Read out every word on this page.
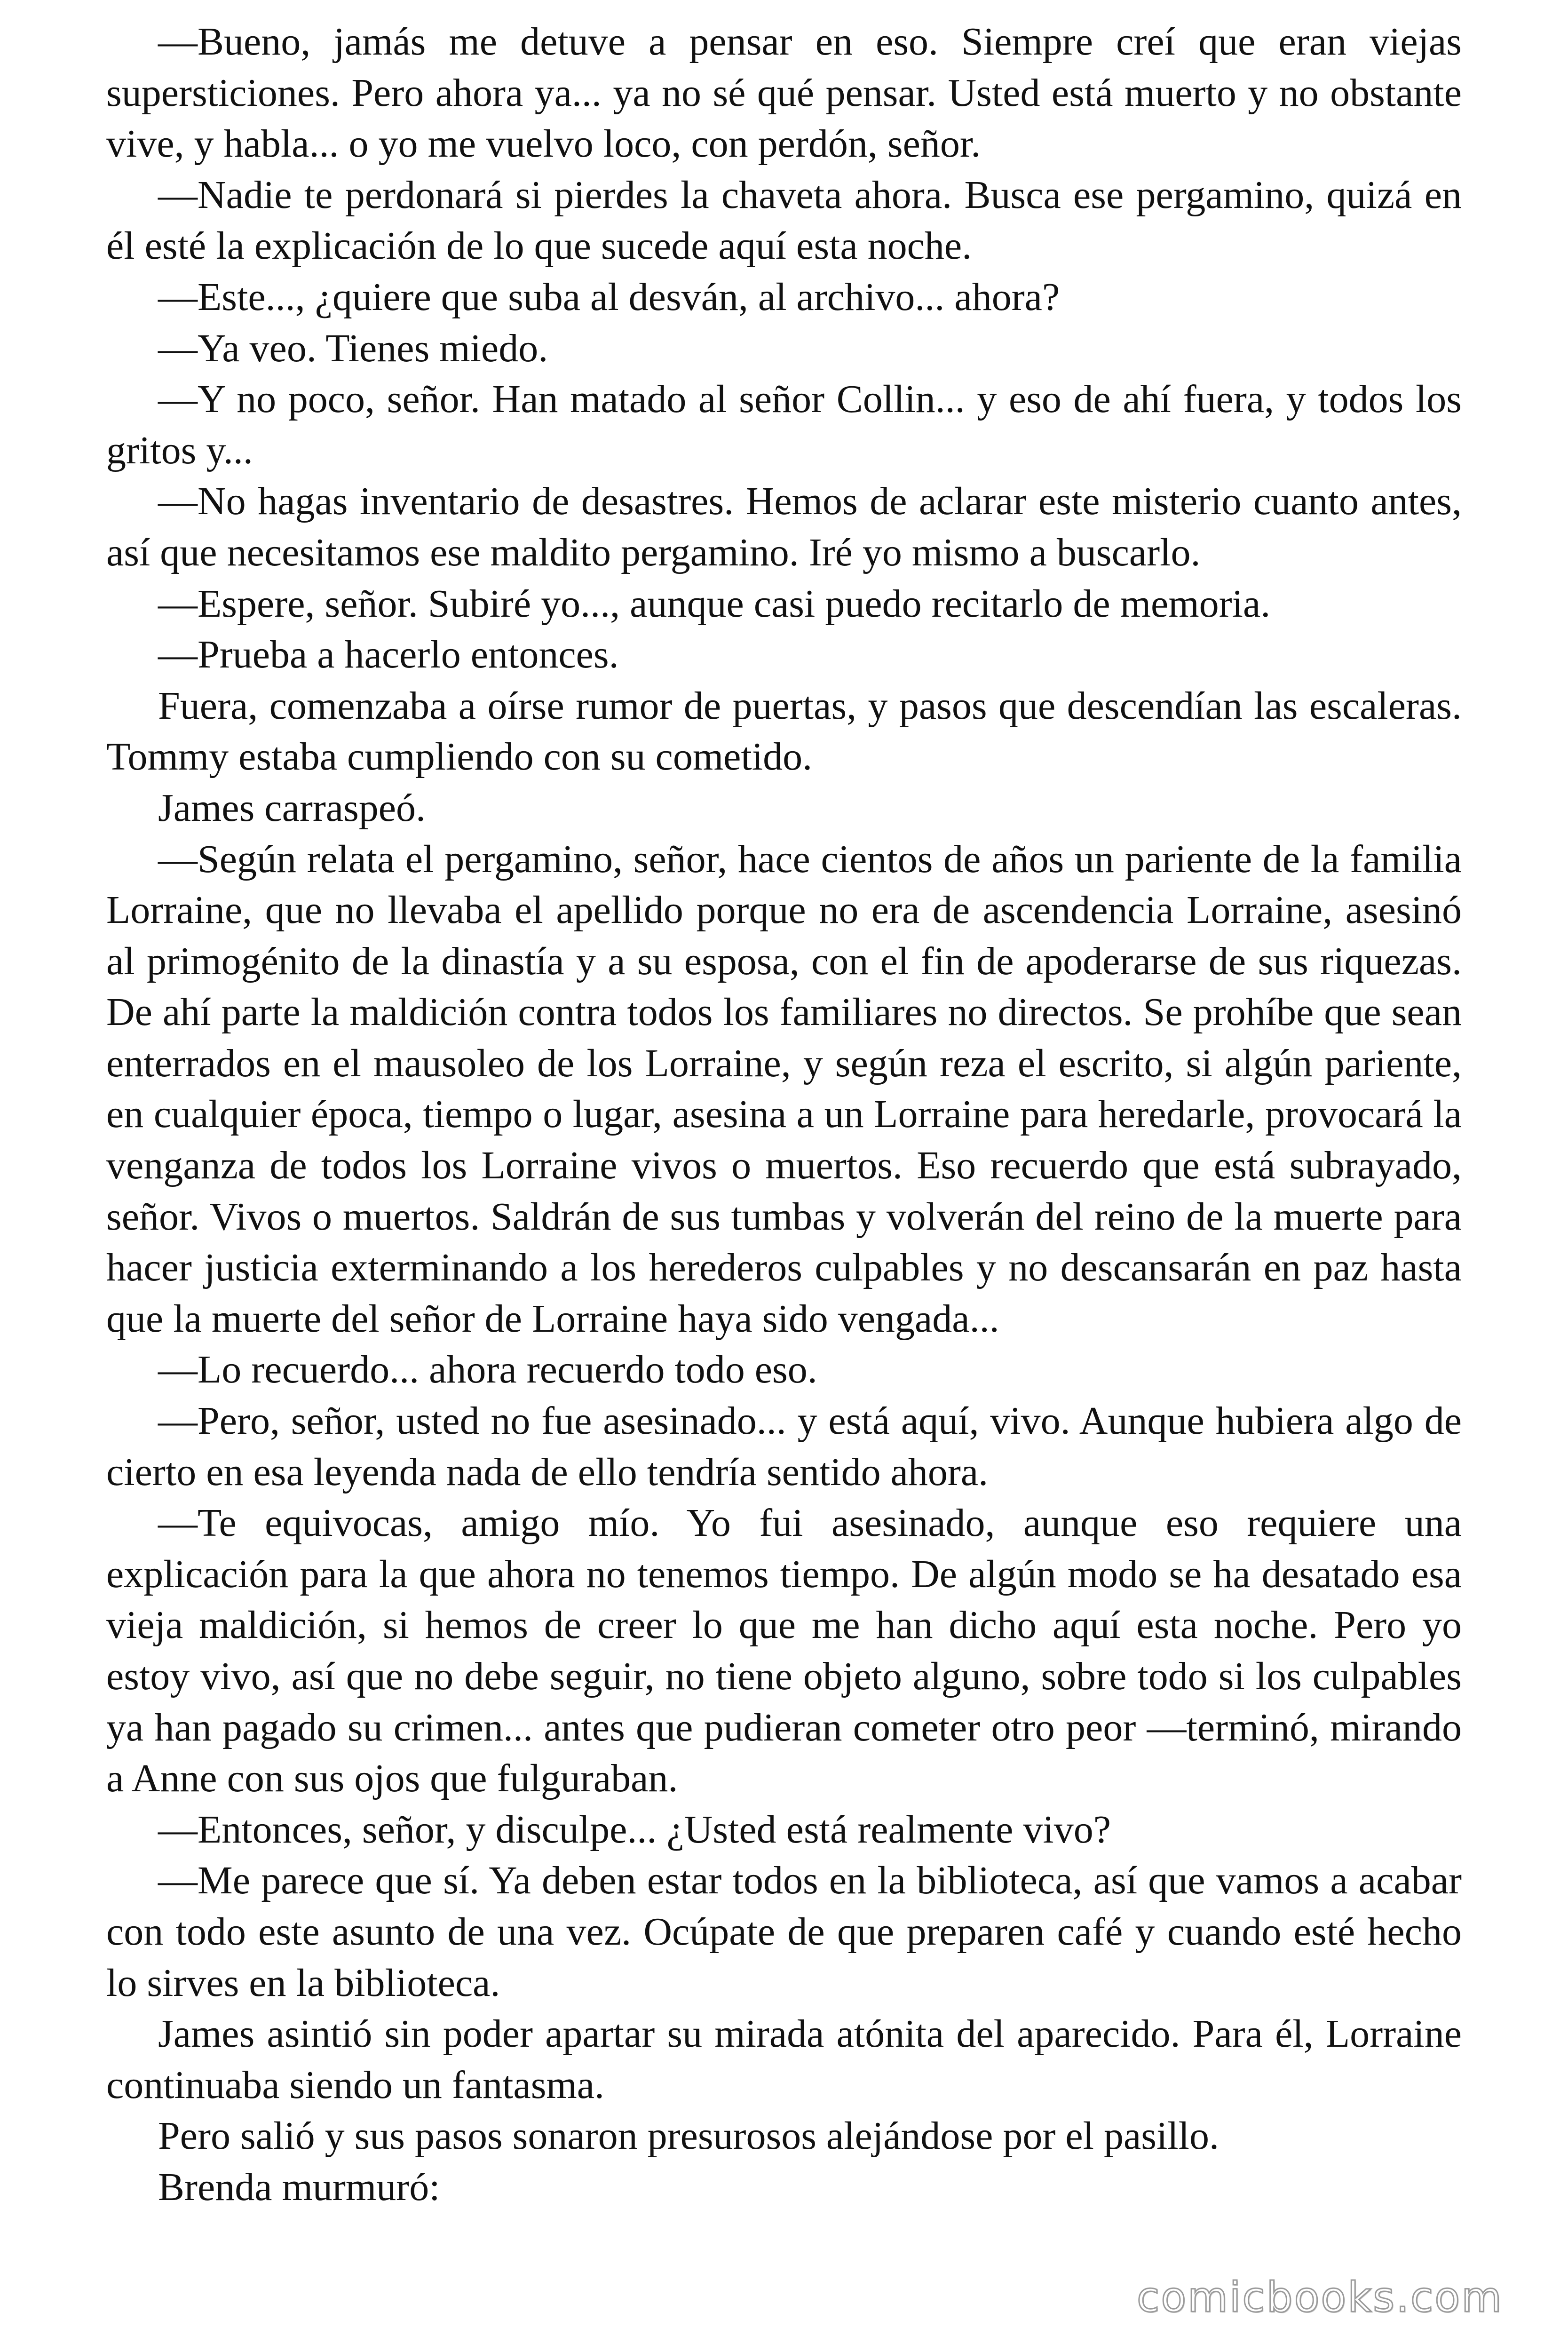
—Bueno, jamás me detuve a pensar en eso. Siempre creí que eran viejas supersticiones. Pero ahora ya... ya no sé qué pensar. Usted está muerto y no obstante vive, y habla... o yo me vuelvo loco, con perdón, señor.

—Nadie te perdonará si pierdes la chaveta ahora. Busca ese pergamino, quizá en él esté la explicación de lo que sucede aquí esta noche.

—Este..., ¿quiere que suba al desván, al archivo... ahora?

—Ya veo. Tienes miedo.

—Y no poco, señor. Han matado al señor Collin... y eso de ahí fuera, y todos los gritos y...

—No hagas inventario de desastres. Hemos de aclarar este misterio cuanto antes, así que necesitamos ese maldito pergamino. Iré yo mismo a buscarlo.

—Espere, señor. Subiré yo..., aunque casi puedo recitarlo de memoria.

—Prueba a hacerlo entonces.

Fuera, comenzaba a oírse rumor de puertas, y pasos que descendían las escaleras. Tommy estaba cumpliendo con su cometido.

James carraspeó.

—Según relata el pergamino, señor, hace cientos de años un pariente de la familia Lorraine, que no llevaba el apellido porque no era de ascendencia Lorraine, asesinó al primogénito de la dinastía y a su esposa, con el fin de apoderarse de sus riquezas. De ahí parte la maldición contra todos los familiares no directos. Se prohíbe que sean enterrados en el mausoleo de los Lorraine, y según reza el escrito, si algún pariente, en cualquier época, tiempo o lugar, asesina a un Lorraine para heredarle, provocará la venganza de todos los Lorraine vivos o muertos. Eso recuerdo que está subrayado, señor. Vivos o muertos. Saldrán de sus tumbas y volverán del reino de la muerte para hacer justicia exterminando a los herederos culpables y no descansarán en paz hasta que la muerte del señor de Lorraine haya sido vengada...

—Lo recuerdo... ahora recuerdo todo eso.

—Pero, señor, usted no fue asesinado... y está aquí, vivo. Aunque hubiera algo de cierto en esa leyenda nada de ello tendría sentido ahora.

—Te equivocas, amigo mío. Yo fui asesinado, aunque eso requiere una explicación para la que ahora no tenemos tiempo. De algún modo se ha desatado esa vieja maldición, si hemos de creer lo que me han dicho aquí esta noche. Pero yo estoy vivo, así que no debe seguir, no tiene objeto alguno, sobre todo si los culpables ya han pagado su crimen... antes que pudieran cometer otro peor —terminó, mirando a Anne con sus ojos que fulguraban.

—Entonces, señor, y disculpe... ¿Usted está realmente vivo?

—Me parece que sí. Ya deben estar todos en la biblioteca, así que vamos a acabar con todo este asunto de una vez. Ocúpate de que preparen café y cuando esté hecho lo sirves en la biblioteca.

James asintió sin poder apartar su mirada atónita del aparecido. Para él, Lorraine continuaba siendo un fantasma.

Pero salió y sus pasos sonaron presurosos alejándose por el pasillo.

Brenda murmuró:

comicbooks.com
